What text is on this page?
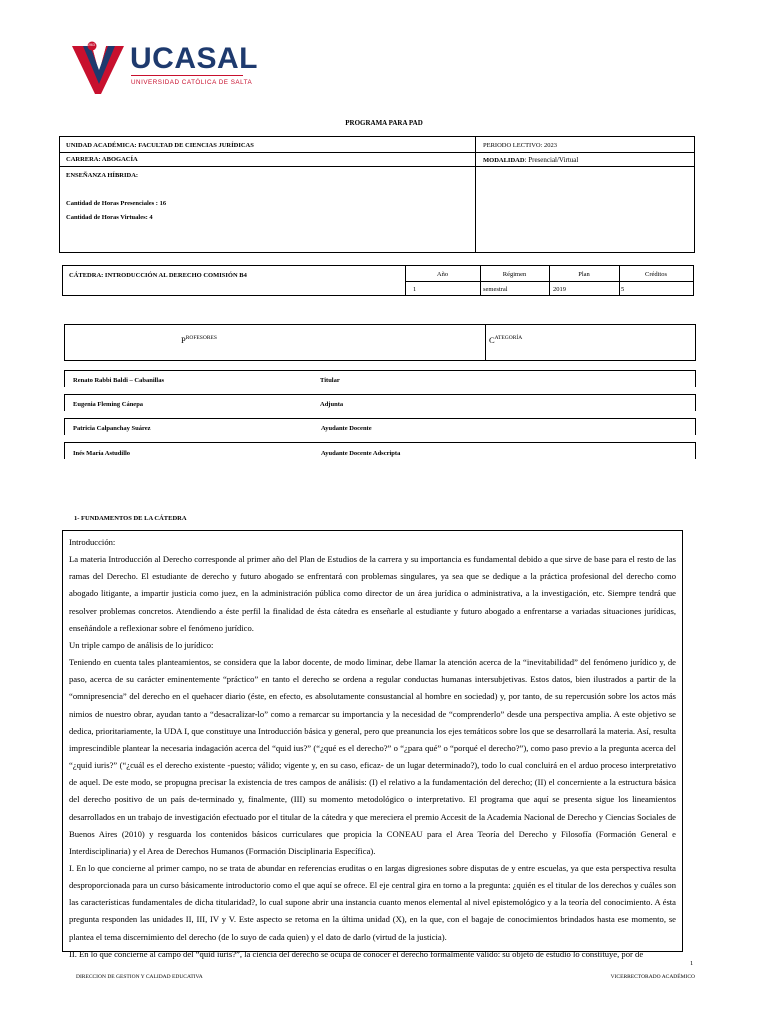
1963 UCASAL
UNIVERSIDAD CATÓLICA DE SALTA
PROGRAMA PARA PAD
UNIDAD ACADÉMICA: FACULTAD DE CIENCIAS JURÍDICAS	PERIODO LECTIVO: 2023
CARRERA: ABOGACÍA	MODALIDAD: Presencial/Virtual
ENSEÑANZA HÍBRIDA:
Cantidad de Horas Presenciales : 16
Cantidad de Horas Virtuales: 4
CÁTEDRA: INTRODUCCIÓN AL DERECHO COMISIÓN B4	Año	Régimen	Plan	Créditos
1	semestral	2019	5
$P^{ROFESORES}$	$C^{ATEGORÍA}$
Renato Rabbi Baldi – Cabanillas	Titular
Eugenia Fleming Cánepa	Adjunta
Patricia Calpanchay Suárez	Ayudante Docente
Inés María Astudillo	Ayudante Docente Adscripta
1- FUNDAMENTOS DE LA CÁTEDRA

Introducción:

La materia Introducción al Derecho corresponde al primer año del Plan de Estudios de la carrera y su importancia es fundamental debido a que sirve de base para el resto de las ramas del Derecho. El estudiante de derecho y futuro abogado se enfrentará con problemas singulares, ya sea que se dedique a la práctica profesional del derecho como abogado litigante, a impartir justicia como juez, en la administración pública como director de un área jurídica o administrativa, a la investigación, etc. Siempre tendrá que resolver problemas concretos. Atendiendo a éste perfil la finalidad de ésta cátedra es enseñarle al estudiante y futuro abogado a enfrentarse a variadas situaciones jurídicas, enseñándole a reflexionar sobre el fenómeno jurídico.

Un triple campo de análisis de lo jurídico:

Teniendo en cuenta tales planteamientos, se considera que la labor docente, de modo liminar, debe llamar la atención acerca de la “inevitabilidad” del fenómeno jurídico y, de paso, acerca de su carácter eminentemente “práctico” en tanto el derecho se ordena a regular conductas humanas intersubjetivas. Estos datos, bien ilustrados a partir de la “omnipresencia” del derecho en el quehacer diario (éste, en efecto, es absolutamente consustancial al hombre en sociedad) y, por tanto, de su repercusión sobre los actos más nimios de nuestro obrar, ayudan tanto a “desacralizar-lo” como a remarcar su importancia y la necesidad de “comprenderlo” desde una perspectiva amplia. A este objetivo se dedica, prioritariamente, la UDA I, que constituye una Introducción básica y general, pero que preanuncia los ejes temáticos sobre los que se desarrollará la materia. Así, resulta imprescindible plantear la necesaria indagación acerca del “quid ius?” (“¿qué es el derecho?” o “¿para qué” o “porqué el derecho?”), como paso previo a la pregunta acerca del “¿quid iuris?” (“¿cuál es el derecho existente -puesto; válido; vigente y, en su caso, eficaz- de un lugar determinado?), todo lo cual concluirá en el arduo proceso interpretativo de aquel. De este modo, se propugna precisar la existencia de tres campos de análisis: (I) el relativo a la fundamentación del derecho; (II) el concerniente a la estructura básica del derecho positivo de un país de-terminado y, finalmente, (III) su momento metodológico o interpretativo. El programa que aquí se presenta sigue los lineamientos desarrollados en un trabajo de investigación efectuado por el titular de la cátedra y que mereciera el premio Accesit de la Academia Nacional de Derecho y Ciencias Sociales de Buenos Aires (2010) y resguarda los contenidos básicos curriculares que propicia la CONEAU para el Area Teoría del Derecho y Filosofía (Formación General e Interdisciplinaria) y el Area de Derechos Humanos (Formación Disciplinaria Específica).

I. En lo que concierne al primer campo, no se trata de abundar en referencias eruditas o en largas digresiones sobre disputas de y entre escuelas, ya que esta perspectiva resulta desproporcionada para un curso básicamente introductorio como el que aquí se ofrece. El eje central gira en torno a la pregunta: ¿quién es el titular de los derechos y cuáles son las características fundamentales de dicha titularidad?, lo cual supone abrir una instancia cuanto menos elemental al nivel epistemológico y a la teoría del conocimiento. A ésta pregunta responden las unidades II, III, IV y V. Este aspecto se retoma en la última unidad (X), en la que, con el bagaje de conocimientos brindados hasta ese momento, se plantea el tema discernimiento del derecho (de lo suyo de cada quien) y el dato de darlo (virtud de la justicia).

II. En lo que concierne al campo del “quid iuris?”, la ciencia del derecho se ocupa de conocer el derecho formalmente válido: su objeto de estudio lo constituye, por de

1
DIRECCION DE GESTION Y CALIDAD EDUCATIVA	VICERRECTORADO ACADÉMICO
